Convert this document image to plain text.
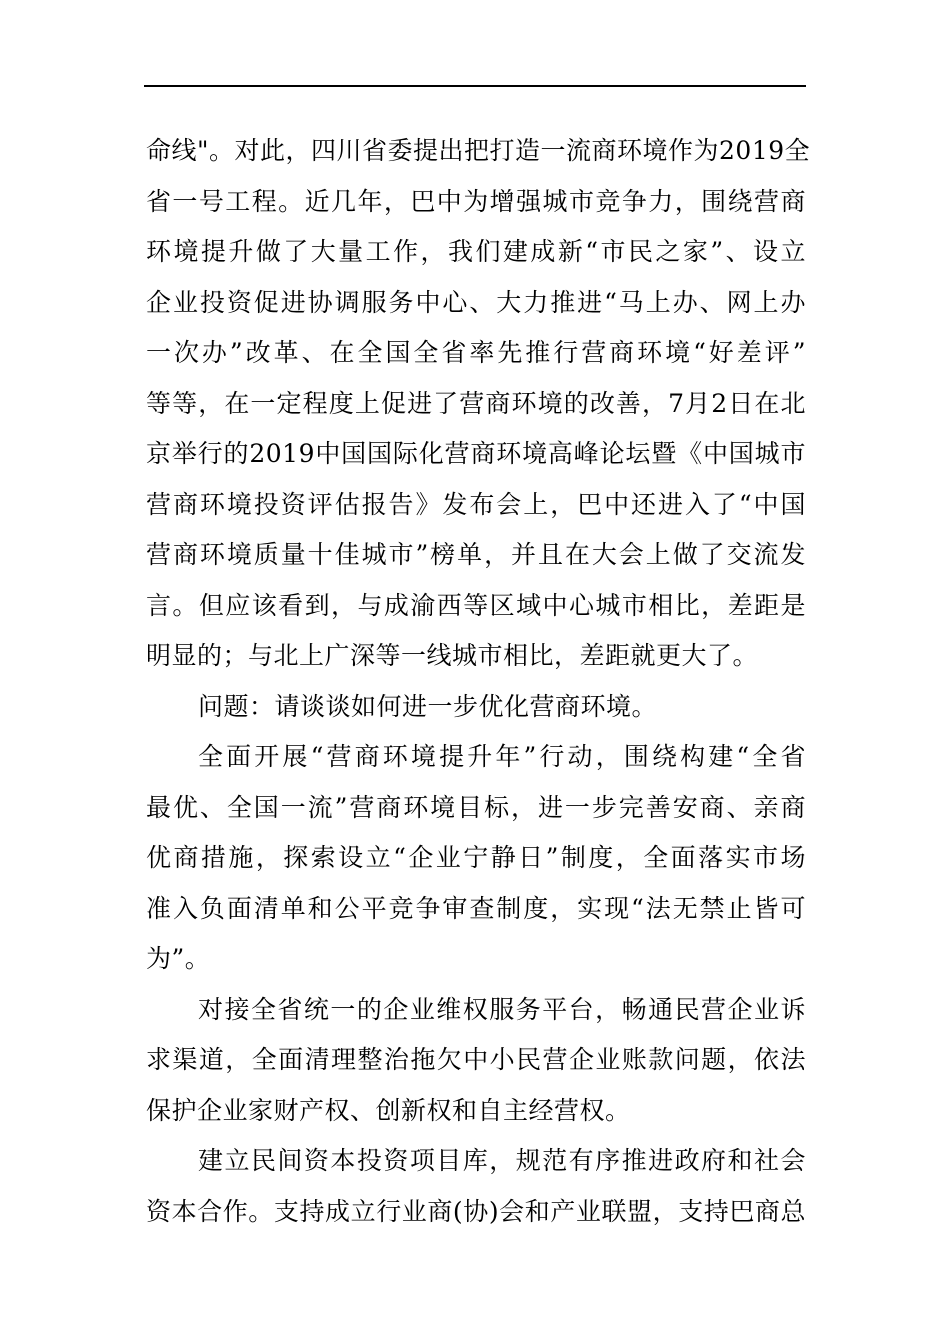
命线"。对此，四川省委提出把打造一流商环境作为2019全
省一号工程。近几年，巴中为增强城市竞争力，围绕营商
环境提升做了大量工作，我们建成新“市民之家”、设立
企业投资促进协调服务中心、大力推进“马上办、网上办
一次办”改革、在全国全省率先推行营商环境“好差评”
等等，在一定程度上促进了营商环境的改善，7月2日在北
京举行的2019中国国际化营商环境高峰论坛暨《中国城市
营商环境投资评估报告》发布会上，巴中还进入了“中国
营商环境质量十佳城市”榜单，并且在大会上做了交流发
言。但应该看到，与成渝西等区域中心城市相比，差距是
明显的；与北上广深等一线城市相比，差距就更大了。
问题：请谈谈如何进一步优化营商环境。
全面开展“营商环境提升年”行动，围绕构建“全省
最优、全国一流”营商环境目标，进一步完善安商、亲商
优商措施，探索设立“企业宁静日”制度，全面落实市场
准入负面清单和公平竞争审查制度，实现“法无禁止皆可
为”。
对接全省统一的企业维权服务平台，畅通民营企业诉
求渠道，全面清理整治拖欠中小民营企业账款问题，依法
保护企业家财产权、创新权和自主经营权。
建立民间资本投资项目库，规范有序推进政府和社会
资本合作。支持成立行业商(协)会和产业联盟，支持巴商总
